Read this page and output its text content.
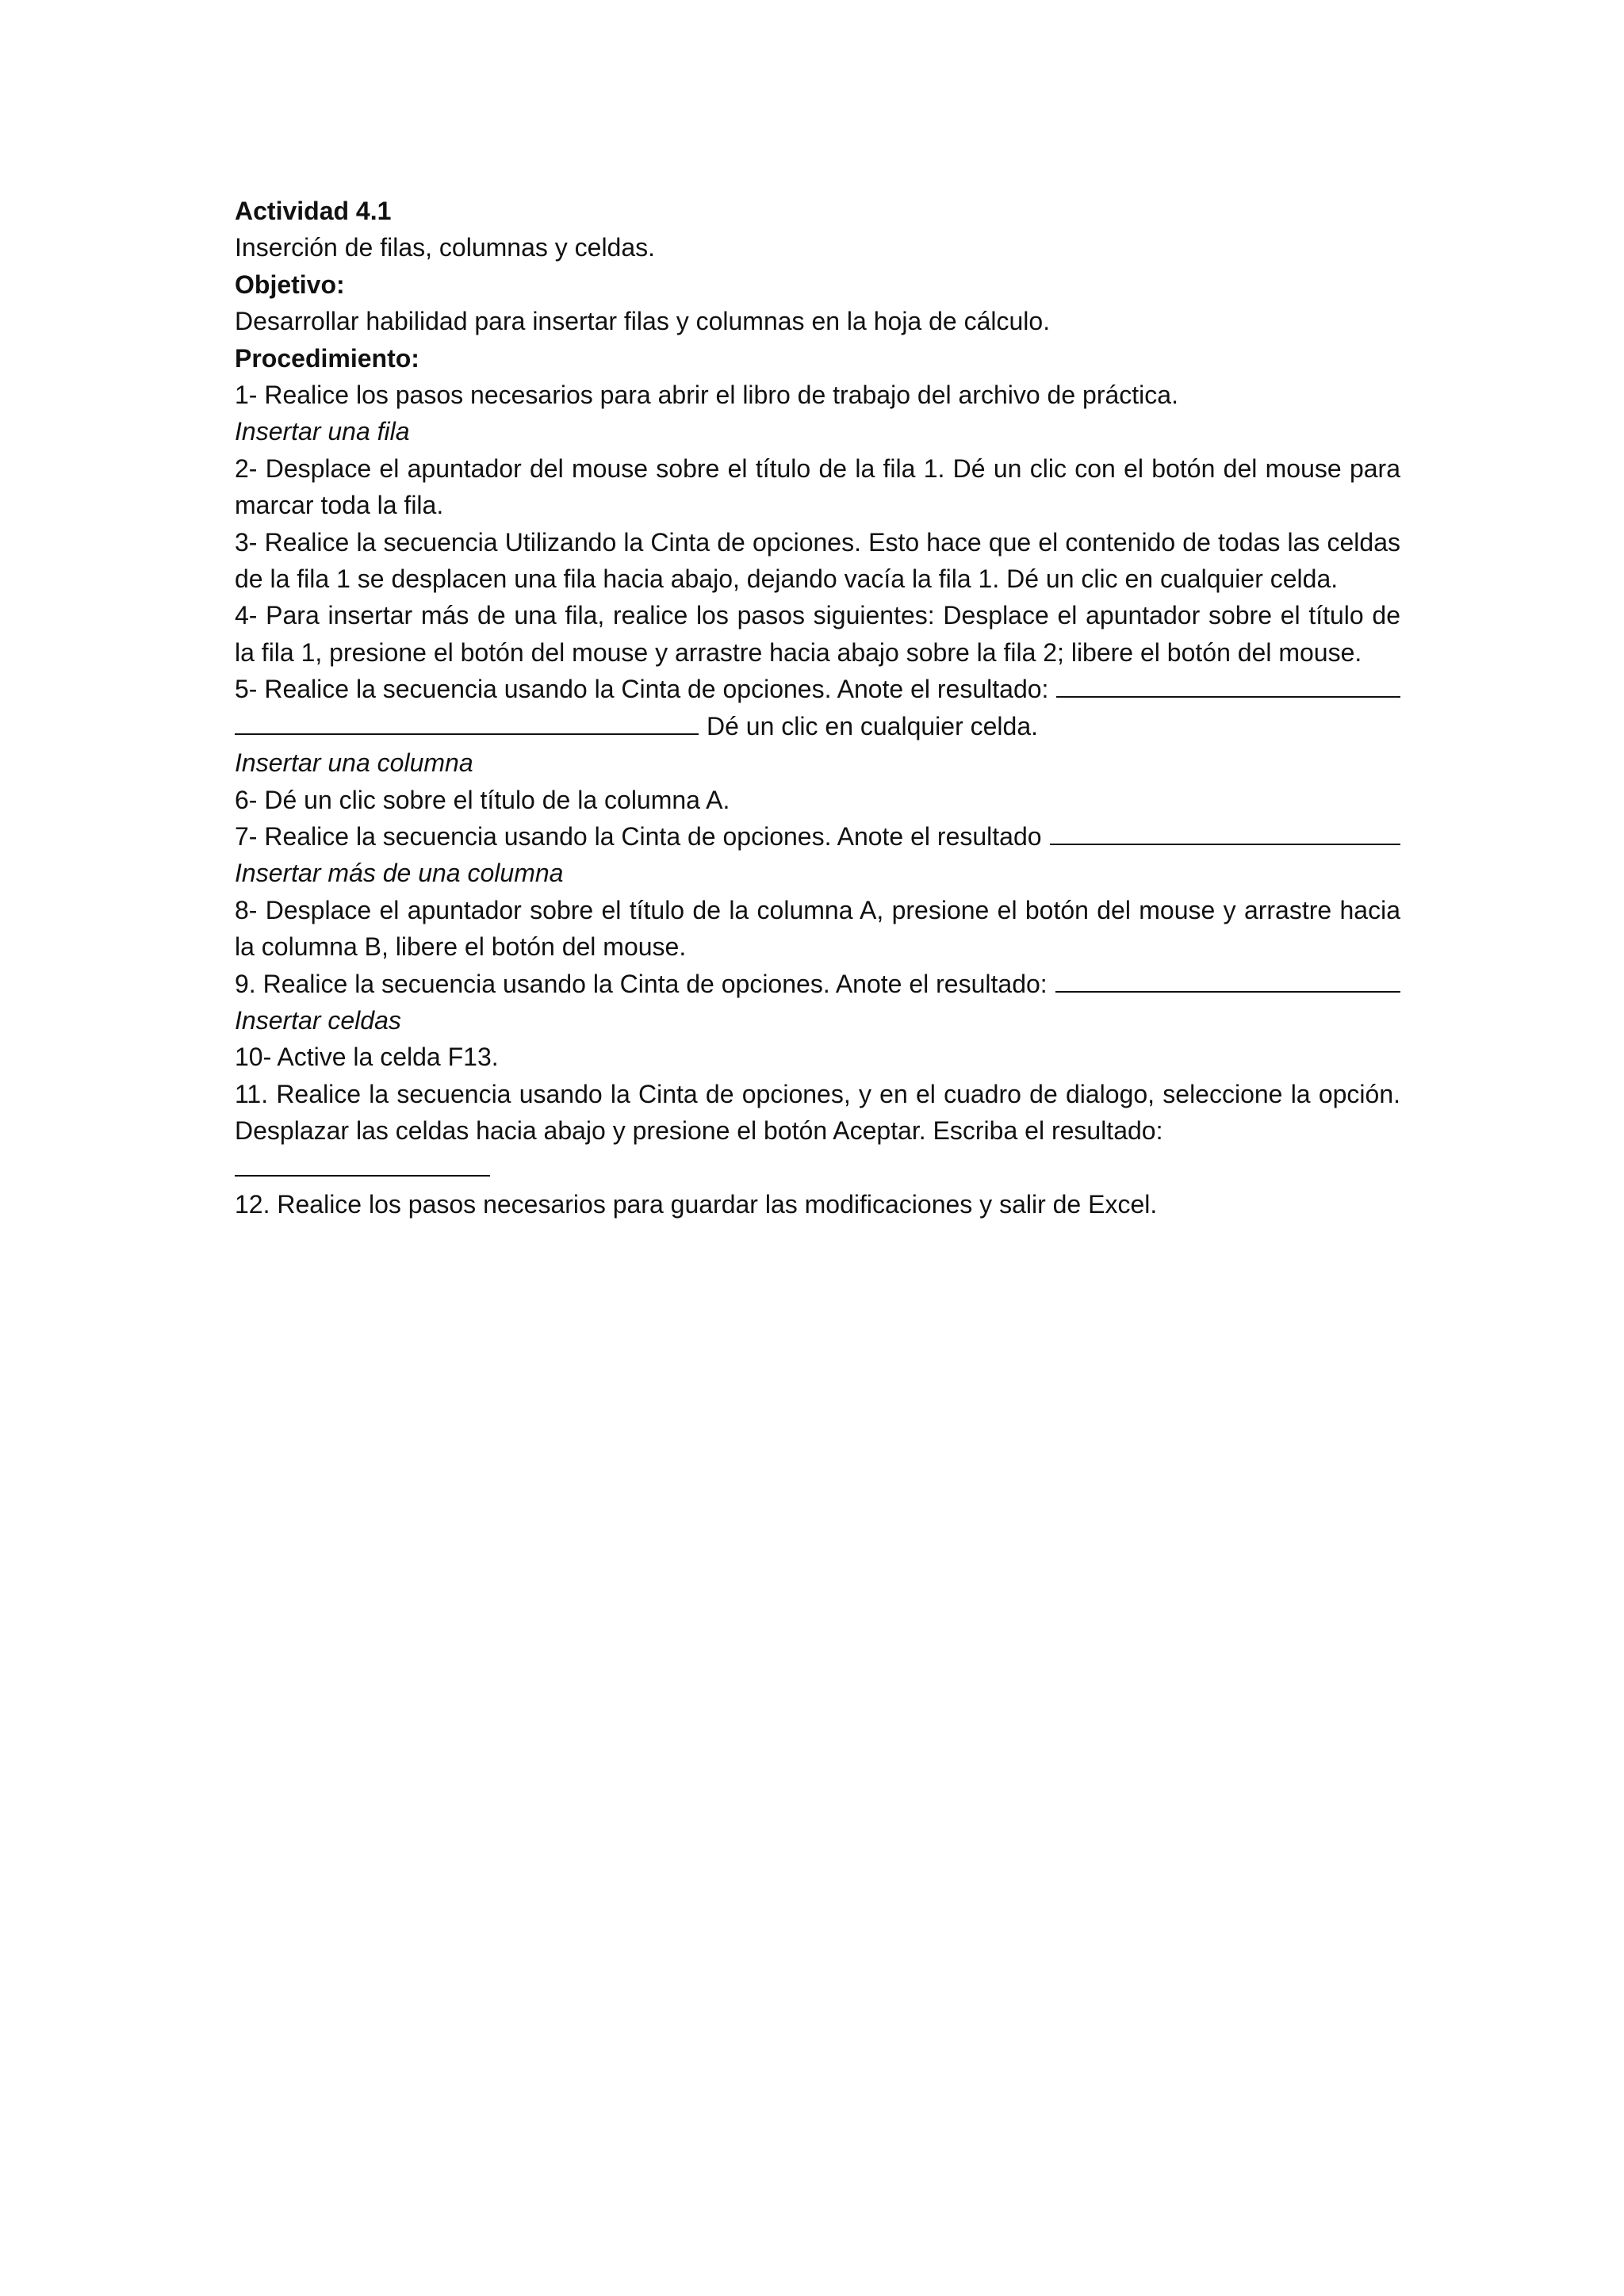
Actividad 4.1

Inserción de filas, columnas y celdas.

Objetivo:

Desarrollar habilidad para insertar filas y columnas en la hoja de cálculo.

Procedimiento:

1- Realice los pasos necesarios para abrir el libro de trabajo del archivo de práctica.

Insertar una fila

2- Desplace el apuntador del mouse sobre el título de la fila 1. Dé un clic con el botón del mouse para marcar toda la fila.

3- Realice la secuencia Utilizando la Cinta de opciones. Esto hace que el contenido de todas las celdas de la fila 1 se desplacen una fila hacia abajo, dejando vacía la fila 1. Dé un clic en cualquier celda.

4- Para insertar más de una fila, realice los pasos siguientes: Desplace el apuntador sobre el título de la fila 1, presione el botón del mouse y arrastre hacia abajo sobre la fila 2; libere el botón del mouse.

5- Realice la secuencia usando la Cinta de opciones. Anote el resultado:
Dé un clic en cualquier celda.

Insertar una columna

6- Dé un clic sobre el título de la columna A.

7- Realice la secuencia usando la Cinta de opciones. Anote el resultado

Insertar más de una columna

8- Desplace el apuntador sobre el título de la columna A, presione el botón del mouse y arrastre hacia la columna B, libere el botón del mouse.

9. Realice la secuencia usando la Cinta de opciones. Anote el resultado:

Insertar celdas

10- Active la celda F13.

11. Realice la secuencia usando la Cinta de opciones, y en el cuadro de dialogo, seleccione la opción. Desplazar las celdas hacia abajo y presione el botón Aceptar. Escriba el resultado:

12. Realice los pasos necesarios para guardar las modificaciones y salir de Excel.
